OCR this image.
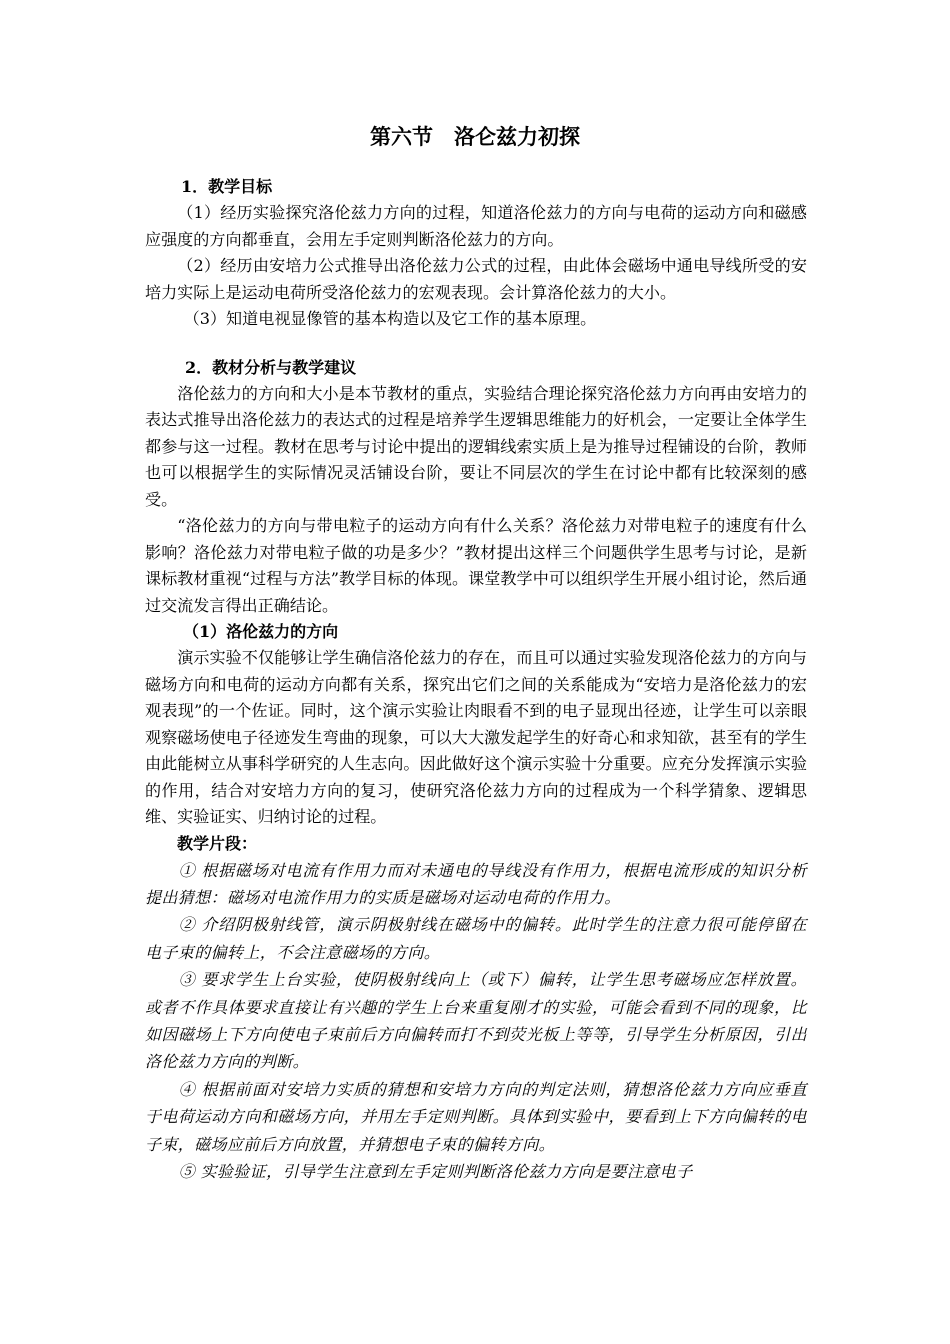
第六节　洛仑兹力初探
1．教学目标

（1）经历实验探究洛伦兹力方向的过程，知道洛伦兹力的方向与电荷的运动方向和磁感应强度的方向都垂直，会用左手定则判断洛伦兹力的方向。

（2）经历由安培力公式推导出洛伦兹力公式的过程，由此体会磁场中通电导线所受的安培力实际上是运动电荷所受洛伦兹力的宏观表现。会计算洛伦兹力的大小。

（3）知道电视显像管的基本构造以及它工作的基本原理。

2．教材分析与教学建议

洛伦兹力的方向和大小是本节教材的重点，实验结合理论探究洛伦兹力方向再由安培力的表达式推导出洛伦兹力的表达式的过程是培养学生逻辑思维能力的好机会，一定要让全体学生都参与这一过程。教材在思考与讨论中提出的逻辑线索实质上是为推导过程铺设的台阶，教师也可以根据学生的实际情况灵活铺设台阶，要让不同层次的学生在讨论中都有比较深刻的感受。

“洛伦兹力的方向与带电粒子的运动方向有什么关系？洛伦兹力对带电粒子的速度有什么影响？洛伦兹力对带电粒子做的功是多少？”教材提出这样三个问题供学生思考与讨论，是新课标教材重视“过程与方法”教学目标的体现。课堂教学中可以组织学生开展小组讨论，然后通过交流发言得出正确结论。

（1）洛伦兹力的方向

演示实验不仅能够让学生确信洛伦兹力的存在，而且可以通过实验发现洛伦兹力的方向与磁场方向和电荷的运动方向都有关系，探究出它们之间的关系能成为“安培力是洛伦兹力的宏观表现”的一个佐证。同时，这个演示实验让肉眼看不到的电子显现出径迹，让学生可以亲眼观察磁场使电子径迹发生弯曲的现象，可以大大激发起学生的好奇心和求知欲，甚至有的学生由此能树立从事科学研究的人生志向。因此做好这个演示实验十分重要。应充分发挥演示实验的作用，结合对安培力方向的复习，使研究洛伦兹力方向的过程成为一个科学猜象、逻辑思维、实验证实、归纳讨论的过程。

教学片段：

① 根据磁场对电流有作用力而对未通电的导线没有作用力，根据电流形成的知识分析提出猜想：磁场对电流作用力的实质是磁场对运动电荷的作用力。

② 介绍阴极射线管，演示阴极射线在磁场中的偏转。此时学生的注意力很可能停留在电子束的偏转上，不会注意磁场的方向。

③ 要求学生上台实验，使阴极射线向上（或下）偏转，让学生思考磁场应怎样放置。或者不作具体要求直接让有兴趣的学生上台来重复刚才的实验，可能会看到不同的现象，比如因磁场上下方向使电子束前后方向偏转而打不到荧光板上等等，引导学生分析原因，引出洛伦兹力方向的判断。

④ 根据前面对安培力实质的猜想和安培力方向的判定法则，猜想洛伦兹力方向应垂直于电荷运动方向和磁场方向，并用左手定则判断。具体到实验中，要看到上下方向偏转的电子束，磁场应前后方向放置，并猜想电子束的偏转方向。

⑤ 实验验证，引导学生注意到左手定则判断洛伦兹力方向是要注意电子
